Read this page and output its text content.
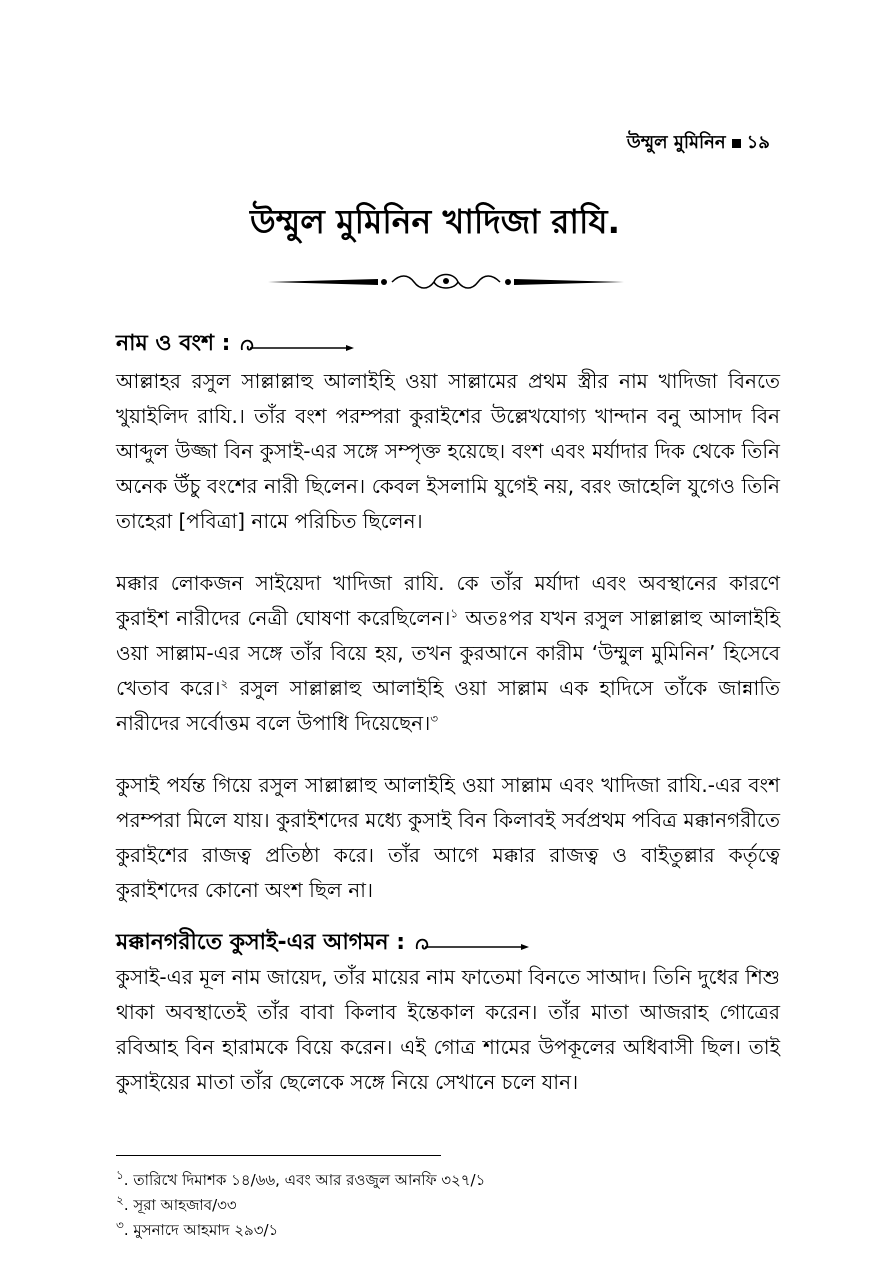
উম্মুল মুমিনিন ১৯
উম্মুল মুমিনিন খাদিজা রাযি.
নাম ও বংশ :

আল্লাহর রসুল সাল্লাল্লাহু আলাইহি ওয়া সাল্লামের প্রথম স্ত্রীর নাম খাদিজা বিনতে খুয়াইলিদ রাযি.। তাঁর বংশ পরম্পরা কুরাইশের উল্লেখযোগ্য খান্দান বনু আসাদ বিন আব্দুল উজ্জা বিন কুসাই-এর সঙ্গে সম্পৃক্ত হয়েছে। বংশ এবং মর্যাদার দিক থেকে তিনি অনেক উঁচু বংশের নারী ছিলেন। কেবল ইসলামি যুগেই নয়, বরং জাহেলি যুগেও তিনি তাহেরা [পবিত্রা] নামে পরিচিত ছিলেন।

মক্কার লোকজন সাইয়েদা খাদিজা রাযি. কে তাঁর মর্যাদা এবং অবস্থানের কারণে কুরাইশ নারীদের নেত্রী ঘোষণা করেছিলেন।$^১$ অতঃপর যখন রসুল সাল্লাল্লাহু আলাইহি ওয়া সাল্লাম-এর সঙ্গে তাঁর বিয়ে হয়, তখন কুরআনে কারীম ‘উম্মুল মুমিনিন’ হিসেবে খেতাব করে।$^২$ রসুল সাল্লাল্লাহু আলাইহি ওয়া সাল্লাম এক হাদিসে তাঁকে জান্নাতি নারীদের সর্বোত্তম বলে উপাধি দিয়েছেন।$^৩$

কুসাই পর্যন্ত গিয়ে রসুল সাল্লাল্লাহু আলাইহি ওয়া সাল্লাম এবং খাদিজা রাযি.-এর বংশ পরম্পরা মিলে যায়। কুরাইশদের মধ্যে কুসাই বিন কিলাবই সর্বপ্রথম পবিত্র মক্কানগরীতে কুরাইশের রাজত্ব প্রতিষ্ঠা করে। তাঁর আগে মক্কার রাজত্ব ও বাইতুল্লার কর্তৃত্বে কুরাইশদের কোনো অংশ ছিল না।

মক্কানগরীতে কুসাই-এর আগমন :

কুসাই-এর মূল নাম জায়েদ, তাঁর মায়ের নাম ফাতেমা বিনতে সাআদ। তিনি দুধের শিশু থাকা অবস্থাতেই তাঁর বাবা কিলাব ইন্তেকাল করেন। তাঁর মাতা আজরাহ গোত্রের রবিআহ বিন হারামকে বিয়ে করেন। এই গোত্র শামের উপকূলের অধিবাসী ছিল। তাই কুসাইয়ের মাতা তাঁর ছেলেকে সঙ্গে নিয়ে সেখানে চলে যান।

$^১$. তারিখে দিমাশক ১৪/৬৬, এবং আর রওজুল আনফি ৩২৭/১
$^২$. সূরা আহজাব/৩৩
$^৩$. মুসনাদে আহমাদ ২৯৩/১
